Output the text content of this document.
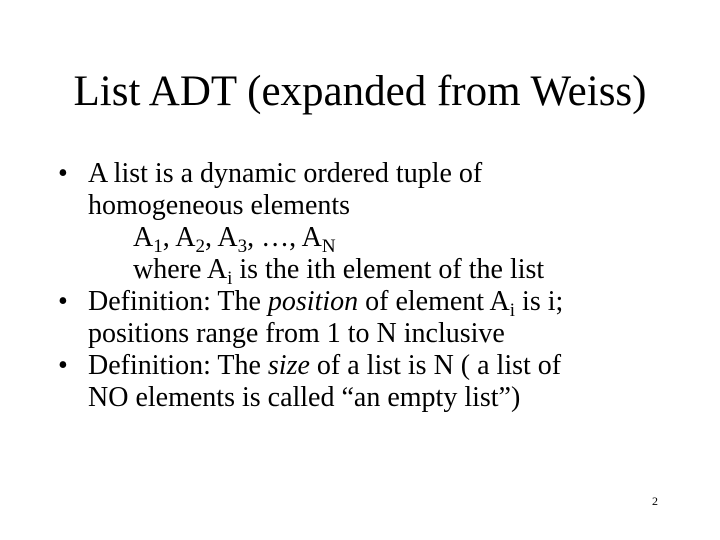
List ADT (expanded from Weiss)
• A list is a dynamic ordered tuple of
homogeneous elements
$A_1$, $A_2$, $A_3$, …, $A_N$
where $A_i$ is the ith element of the list
• Definition: The position of element $A_i$ is i;
positions range from 1 to N inclusive
• Definition: The size of a list is N ( a list of
NO elements is called “an empty list”)
2
